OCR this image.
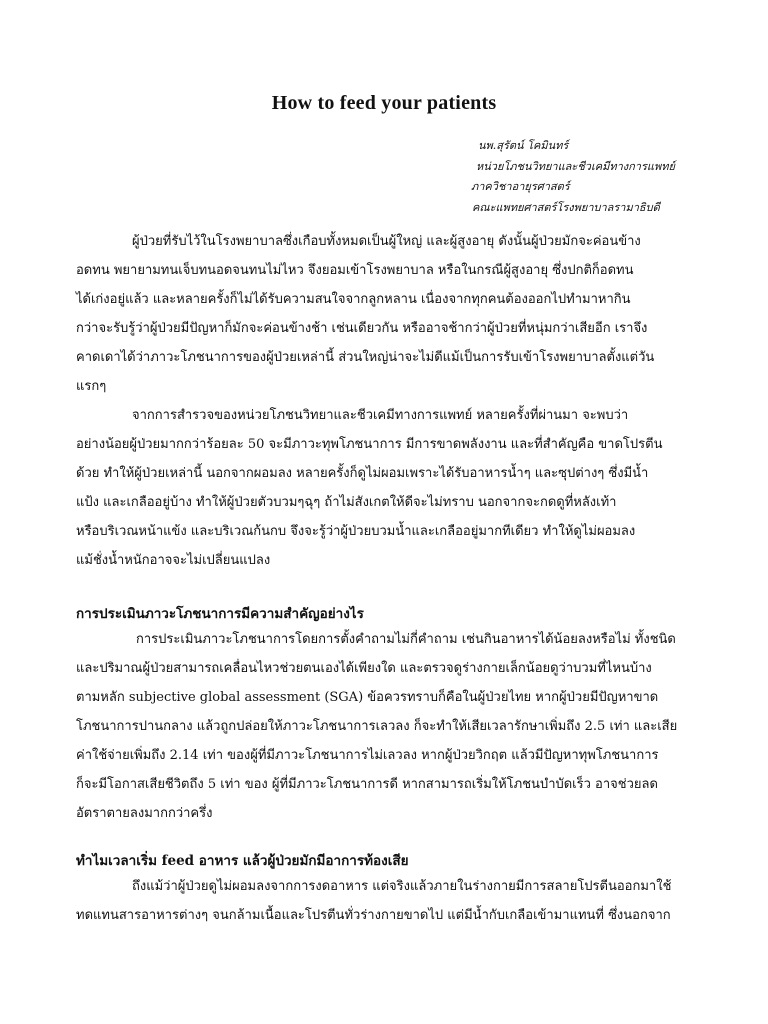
How to feed your patients
นพ.สุรัตน์ โคมินทร์
หน่วยโภชนวิทยาและชีวเคมีทางการแพทย์
ภาควิชาอายุรศาสตร์
คณะแพทยศาสตร์โรงพยาบาลรามาธิบดี

ผู้ป่วยที่รับไว้ในโรงพยาบาลซึ่งเกือบทั้งหมดเป็นผู้ใหญ่ และผู้สูงอายุ ดังนั้นผู้ป่วยมักจะค่อนข้าง
อดทน พยายามทนเจ็บทนอดจนทนไม่ไหว จึงยอมเข้าโรงพยาบาล หรือในกรณีผู้สูงอายุ ซึ่งปกติก็อดทน
ได้เก่งอยู่แล้ว และหลายครั้งก็ไม่ได้รับความสนใจจากลูกหลาน เนื่องจากทุกคนต้องออกไปทำมาหากิน
กว่าจะรับรู้ว่าผู้ป่วยมีปัญหาก็มักจะค่อนข้างช้า เช่นเดียวกัน หรืออาจช้ากว่าผู้ป่วยที่หนุ่มกว่าเสียอีก เราจึง
คาดเดาได้ว่าภาวะโภชนาการของผู้ป่วยเหล่านี้ ส่วนใหญ่น่าจะไม่ดีแม้เป็นการรับเข้าโรงพยาบาลตั้งแต่วัน
แรกๆ

จากการสำรวจของหน่วยโภชนวิทยาและชีวเคมีทางการแพทย์ หลายครั้งที่ผ่านมา จะพบว่า
อย่างน้อยผู้ป่วยมากกว่าร้อยละ 50 จะมีภาวะทุพโภชนาการ มีการขาดพลังงาน และที่สำคัญคือ ขาดโปรตีน
ด้วย ทำให้ผู้ป่วยเหล่านี้ นอกจากผอมลง หลายครั้งก็ดูไม่ผอมเพราะได้รับอาหารน้ำๆ และซุปต่างๆ ซึ่งมีน้ำ
แป้ง และเกลืออยู่บ้าง ทำให้ผู้ป่วยตัวบวมๆฉุๆ ถ้าไม่สังเกตให้ดีจะไม่ทราบ นอกจากจะกดดูที่หลังเท้า
หรือบริเวณหน้าแข้ง และบริเวณก้นกบ จึงจะรู้ว่าผู้ป่วยบวมน้ำและเกลืออยู่มากทีเดียว ทำให้ดูไม่ผอมลง
แม้ชั่งน้ำหนักอาจจะไม่เปลี่ยนแปลง

การประเมินภาวะโภชนาการมีความสำคัญอย่างไร

การประเมินภาวะโภชนาการโดยการตั้งคำถามไม่กี่คำถาม เช่นกินอาหารได้น้อยลงหรือไม่ ทั้งชนิด
และปริมาณผู้ป่วยสามารถเคลื่อนไหวช่วยตนเองได้เพียงใด และตรวจดูร่างกายเล็กน้อยดูว่าบวมที่ไหนบ้าง
ตามหลัก subjective global assessment (SGA) ข้อควรทราบก็คือในผู้ป่วยไทย หากผู้ป่วยมีปัญหาขาด
โภชนาการปานกลาง แล้วถูกปล่อยให้ภาวะโภชนาการเลวลง ก็จะทำให้เสียเวลารักษาเพิ่มถึง 2.5 เท่า และเสีย
ค่าใช้จ่ายเพิ่มถึง 2.14 เท่า ของผู้ที่มีภาวะโภชนาการไม่เลวลง หากผู้ป่วยวิกฤต แล้วมีปัญหาทุพโภชนาการ
ก็จะมีโอกาสเสียชีวิตถึง 5 เท่า ของ ผู้ที่มีภาวะโภชนาการดี หากสามารถเริ่มให้โภชนบำบัดเร็ว อาจช่วยลด
อัตราตายลงมากกว่าครึ่ง

ทำไมเวลาเริ่ม feed อาหาร แล้วผู้ป่วยมักมีอาการท้องเสีย

ถึงแม้ว่าผู้ป่วยดูไม่ผอมลงจากการงดอาหาร แต่จริงแล้วภายในร่างกายมีการสลายโปรตีนออกมาใช้
ทดแทนสารอาหารต่างๆ จนกล้ามเนื้อและโปรตีนทั่วร่างกายขาดไป แต่มีน้ำกับเกลือเข้ามาแทนที่ ซึ่งนอกจาก
